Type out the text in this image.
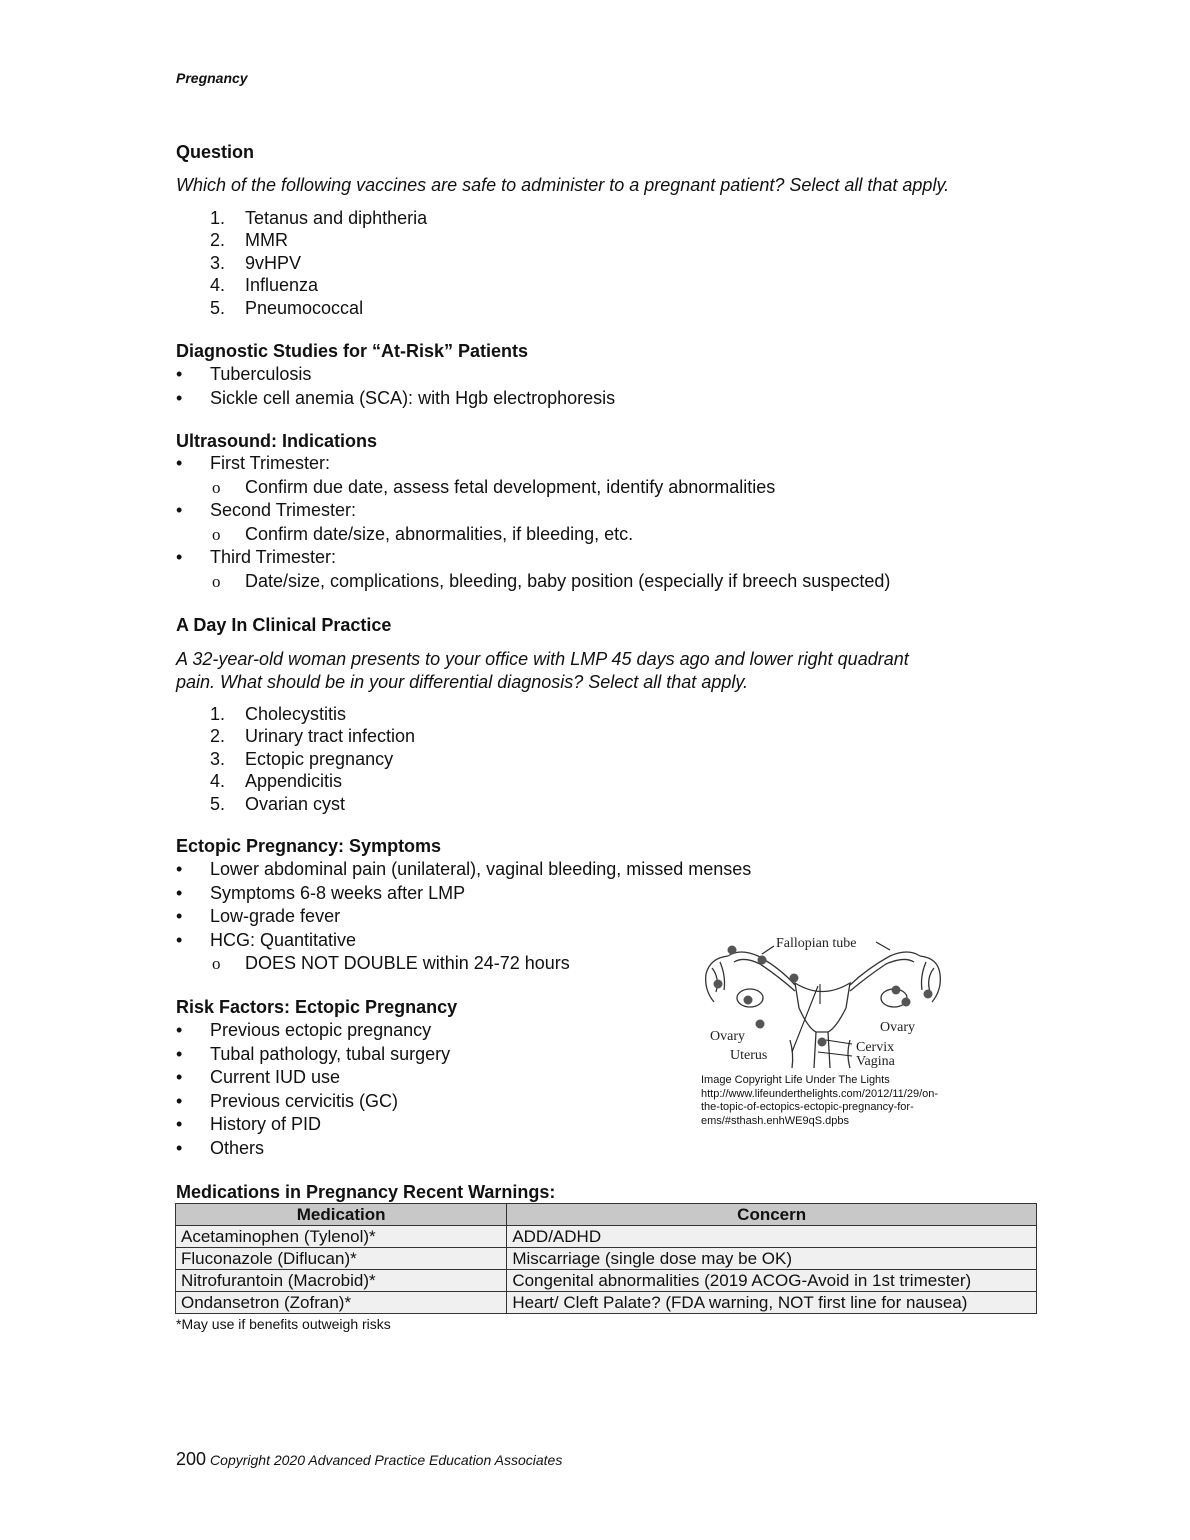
Pregnancy
Question
Which of the following vaccines are safe to administer to a pregnant patient? Select all that apply.
1. Tetanus and diphtheria
2. MMR
3. 9vHPV
4. Influenza
5. Pneumococcal
Diagnostic Studies for “At-Risk” Patients
• Tuberculosis
• Sickle cell anemia (SCA): with Hgb electrophoresis
Ultrasound: Indications
• First Trimester:
o Confirm due date, assess fetal development, identify abnormalities
• Second Trimester:
o Confirm date/size, abnormalities, if bleeding, etc.
• Third Trimester:
o Date/size, complications, bleeding, baby position (especially if breech suspected)
A Day In Clinical Practice
A 32-year-old woman presents to your office with LMP 45 days ago and lower right quadrant
pain. What should be in your differential diagnosis? Select all that apply.
1. Cholecystitis
2. Urinary tract infection
3. Ectopic pregnancy
4. Appendicitis
5. Ovarian cyst
Ectopic Pregnancy: Symptoms
• Lower abdominal pain (unilateral), vaginal bleeding, missed menses
• Symptoms 6-8 weeks after LMP
• Low-grade fever
• HCG: Quantitative
o DOES NOT DOUBLE within 24-72 hours
Risk Factors: Ectopic Pregnancy
• Previous ectopic pregnancy
• Tubal pathology, tubal surgery
• Current IUD use
• Previous cervicitis (GC)
• History of PID
• Others
Fallopian tube
Ovary
Uterus
Ovary
Cervix
Vagina
Image Copyright Life Under The Lights
http://www.lifeunderthelights.com/2012/11/29/on-
the-topic-of-ectopics-ectopic-pregnancy-for-
ems/#sthash.enhWE9qS.dpbs
Medications in Pregnancy Recent Warnings:
Medication	Concern
Acetaminophen (Tylenol)*	ADD/ADHD
Fluconazole (Diflucan)*	Miscarriage (single dose may be OK)
Nitrofurantoin (Macrobid)*	Congenital abnormalities (2019 ACOG-Avoid in 1st trimester)
Ondansetron (Zofran)*	Heart/ Cleft Palate? (FDA warning, NOT first line for nausea)
*May use if benefits outweigh risks
200 Copyright 2020 Advanced Practice Education Associates
